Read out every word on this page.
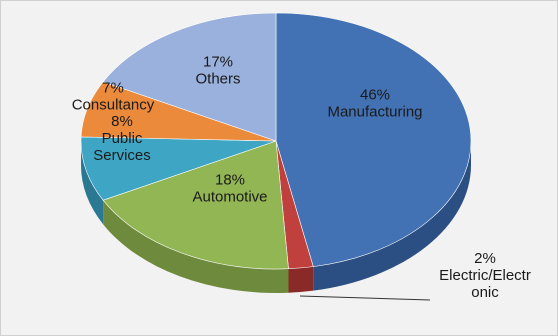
46% Manufacturing
2% Electric/Electr onic
18% Automotive
8% Public Services
7% Consultancy
17% Others
